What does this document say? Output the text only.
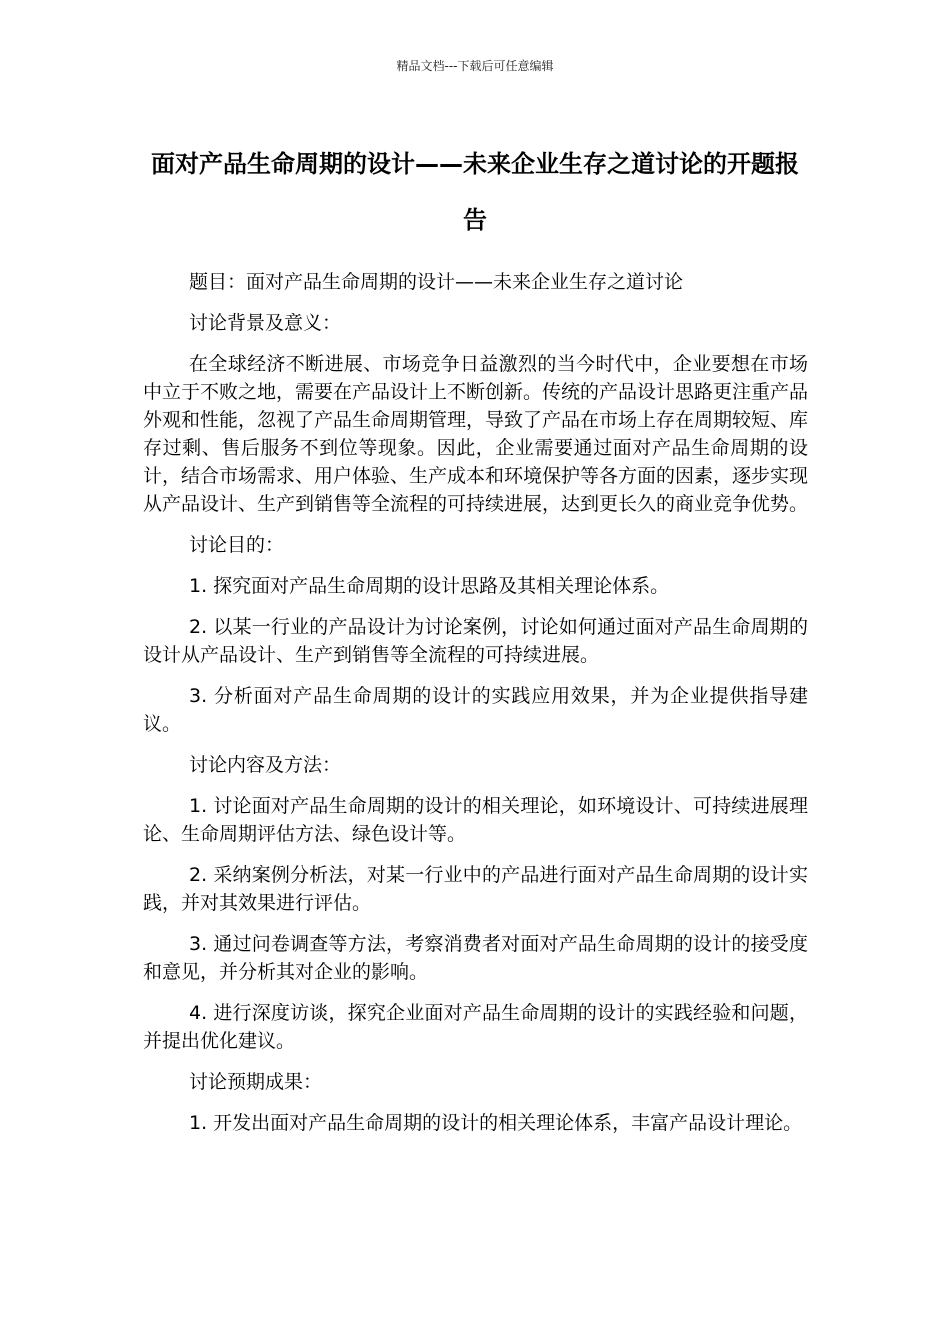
精品文档---下载后可任意编辑
面对产品生命周期的设计——未来企业生存之道讨论的开题报告

题目：面对产品生命周期的设计——未来企业生存之道讨论

讨论背景及意义：

在全球经济不断进展、市场竞争日益激烈的当今时代中，企业要想在市场中立于不败之地，需要在产品设计上不断创新。传统的产品设计思路更注重产品外观和性能，忽视了产品生命周期管理，导致了产品在市场上存在周期较短、库存过剩、售后服务不到位等现象。因此，企业需要通过面对产品生命周期的设计，结合市场需求、用户体验、生产成本和环境保护等各方面的因素，逐步实现从产品设计、生产到销售等全流程的可持续进展，达到更长久的商业竞争优势。

讨论目的：

1. 探究面对产品生命周期的设计思路及其相关理论体系。

2. 以某一行业的产品设计为讨论案例，讨论如何通过面对产品生命周期的设计从产品设计、生产到销售等全流程的可持续进展。

3. 分析面对产品生命周期的设计的实践应用效果，并为企业提供指导建议。

讨论内容及方法：

1. 讨论面对产品生命周期的设计的相关理论，如环境设计、可持续进展理论、生命周期评估方法、绿色设计等。

2. 采纳案例分析法，对某一行业中的产品进行面对产品生命周期的设计实践，并对其效果进行评估。

3. 通过问卷调查等方法，考察消费者对面对产品生命周期的设计的接受度和意见，并分析其对企业的影响。

4. 进行深度访谈，探究企业面对产品生命周期的设计的实践经验和问题，并提出优化建议。

讨论预期成果：

1. 开发出面对产品生命周期的设计的相关理论体系，丰富产品设计理论。
